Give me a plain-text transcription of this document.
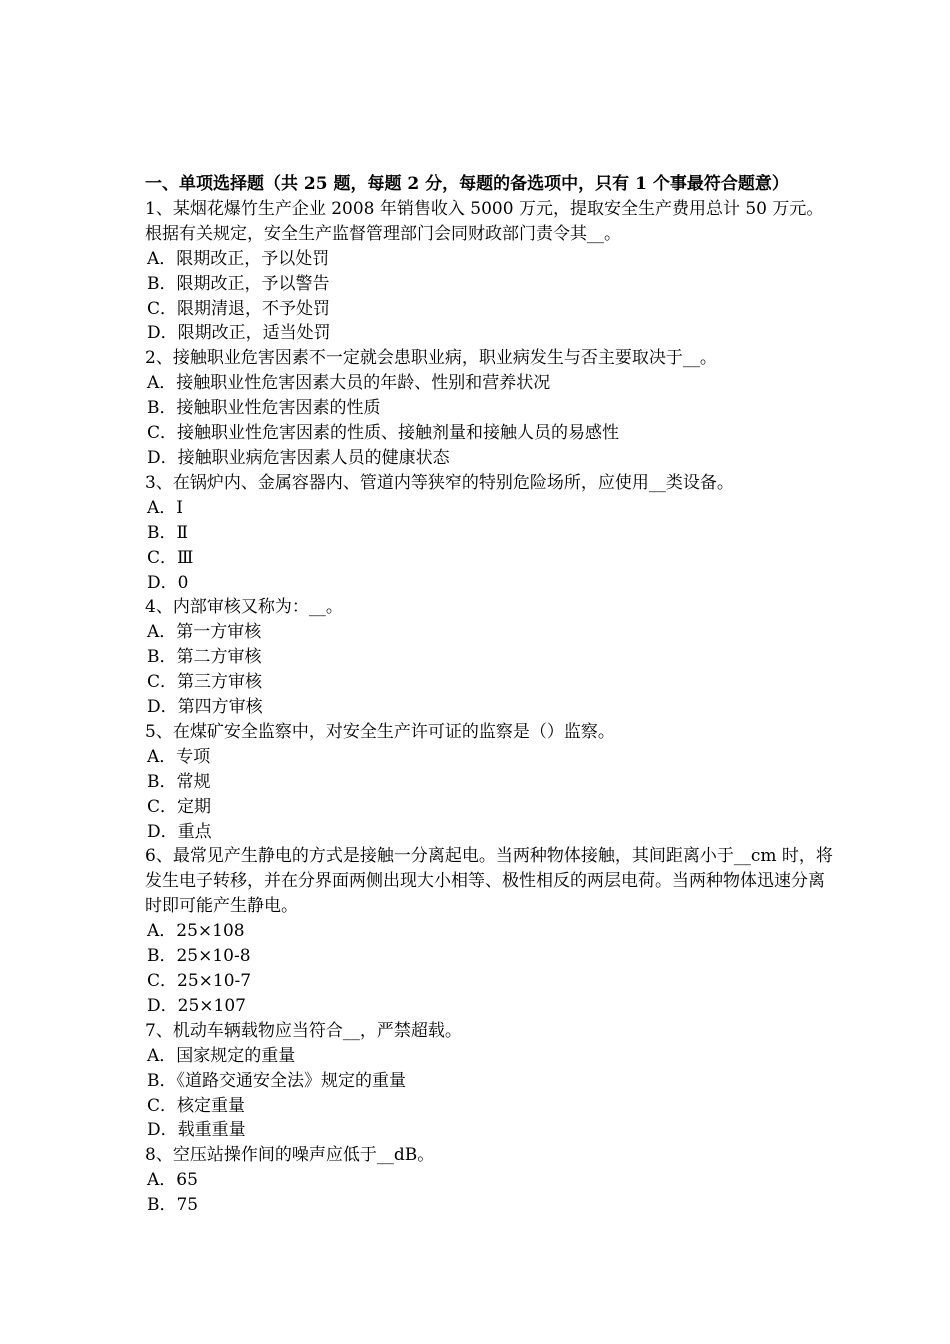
一、单项选择题（共 25 题，每题 2 分，每题的备选项中，只有 1 个事最符合题意）
1、某烟花爆竹生产企业 2008 年销售收入 5000 万元，提取安全生产费用总计 50 万元。根据有关规定，安全生产监督管理部门会同财政部门责令其__。
A．限期改正，予以处罚
B．限期改正，予以警告
C．限期清退，不予处罚
D．限期改正，适当处罚
2、接触职业危害因素不一定就会患职业病，职业病发生与否主要取决于__。
A．接触职业性危害因素大员的年龄、性别和营养状况
B．接触职业性危害因素的性质
C．接触职业性危害因素的性质、接触剂量和接触人员的易感性
D．接触职业病危害因素人员的健康状态
3、在锅炉内、金属容器内、管道内等狭窄的特别危险场所，应使用__类设备。
A．Ⅰ
B．Ⅱ
C．Ⅲ
D．0
4、内部审核又称为：__。
A．第一方审核
B．第二方审核
C．第三方审核
D．第四方审核
5、在煤矿安全监察中，对安全生产许可证的监察是（）监察。
A．专项
B．常规
C．定期
D．重点
6、最常见产生静电的方式是接触一分离起电。当两种物体接触，其间距离小于__cm 时，将发生电子转移，并在分界面两侧出现大小相等、极性相反的两层电荷。当两种物体迅速分离时即可能产生静电。
A．25×108
B．25×10-8
C．25×10-7
D．25×107
7、机动车辆载物应当符合__，严禁超载。
A．国家规定的重量
B．《道路交通安全法》规定的重量
C．核定重量
D．载重重量
8、空压站操作间的噪声应低于__dB。
A．65
B．75
